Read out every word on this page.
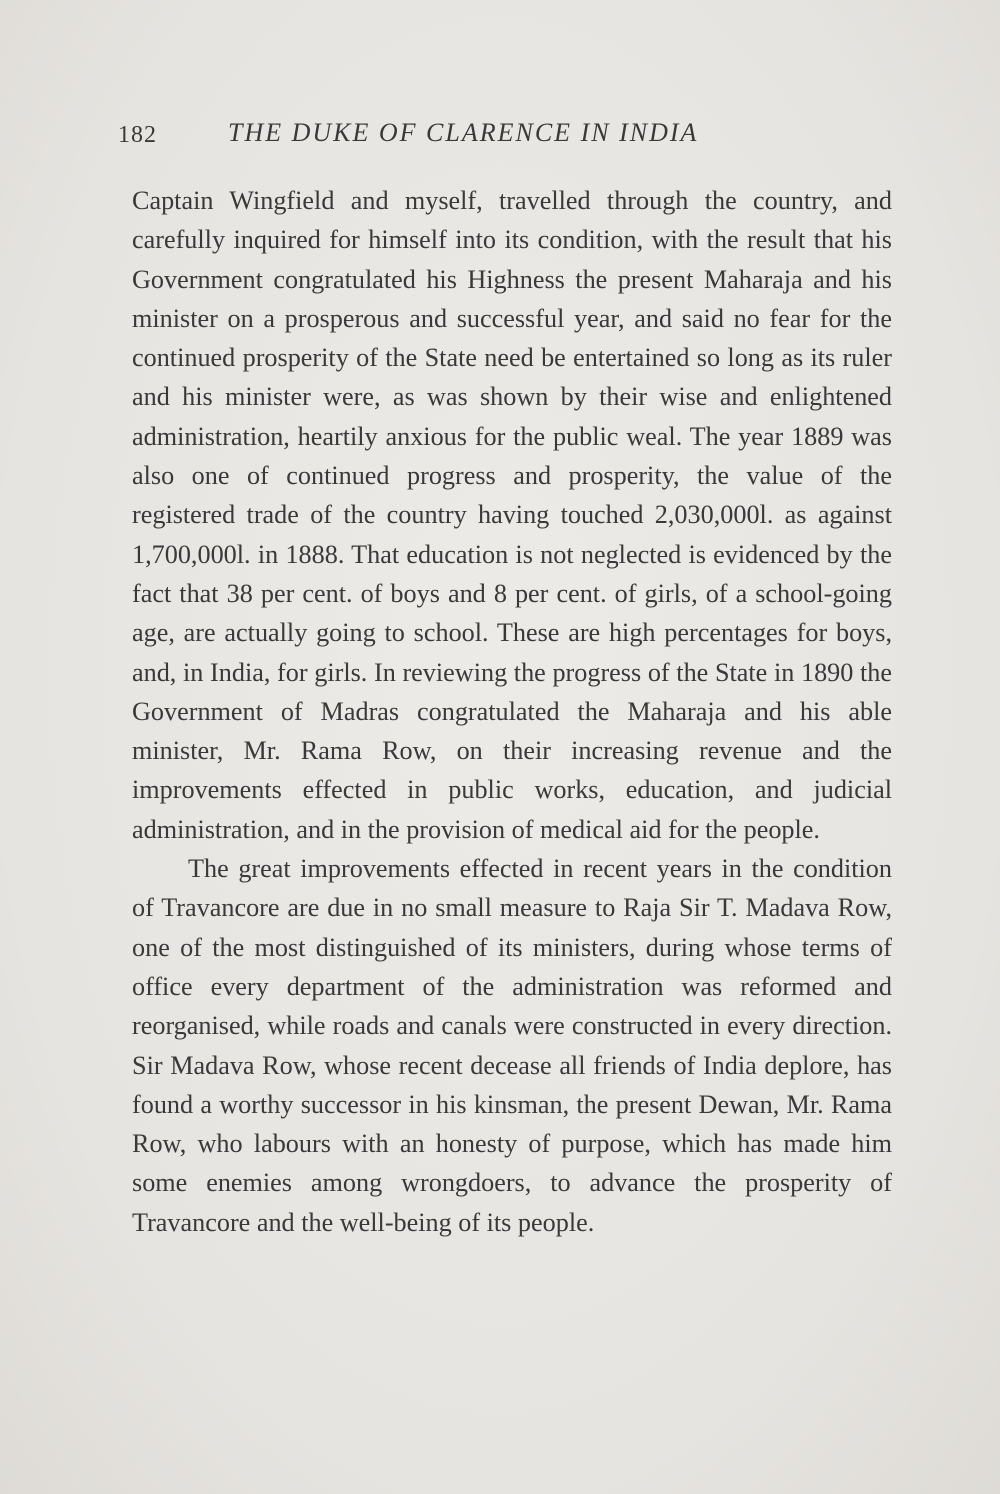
182	THE DUKE OF CLARENCE IN INDIA

Captain Wingfield and myself, travelled through the country, and carefully inquired for himself into its condition, with the result that his Government congratulated his Highness the present Maharaja and his minister on a prosperous and successful year, and said no fear for the continued prosperity of the State need be entertained so long as its ruler and his minister were, as was shown by their wise and enlightened administration, heartily anxious for the public weal. The year 1889 was also one of continued progress and prosperity, the value of the registered trade of the country having touched 2,030,000l. as against 1,700,000l. in 1888. That education is not neglected is evidenced by the fact that 38 per cent. of boys and 8 per cent. of girls, of a school-going age, are actually going to school. These are high percentages for boys, and, in India, for girls. In reviewing the progress of the State in 1890 the Government of Madras congratulated the Maharaja and his able minister, Mr. Rama Row, on their increasing revenue and the improvements effected in public works, education, and judicial administration, and in the provision of medical aid for the people.

The great improvements effected in recent years in the condition of Travancore are due in no small measure to Raja Sir T. Madava Row, one of the most distinguished of its ministers, during whose terms of office every department of the administration was reformed and reorganised, while roads and canals were constructed in every direction. Sir Madava Row, whose recent decease all friends of India deplore, has found a worthy successor in his kinsman, the present Dewan, Mr. Rama Row, who labours with an honesty of purpose, which has made him some enemies among wrongdoers, to advance the prosperity of Travancore and the well-being of its people.
